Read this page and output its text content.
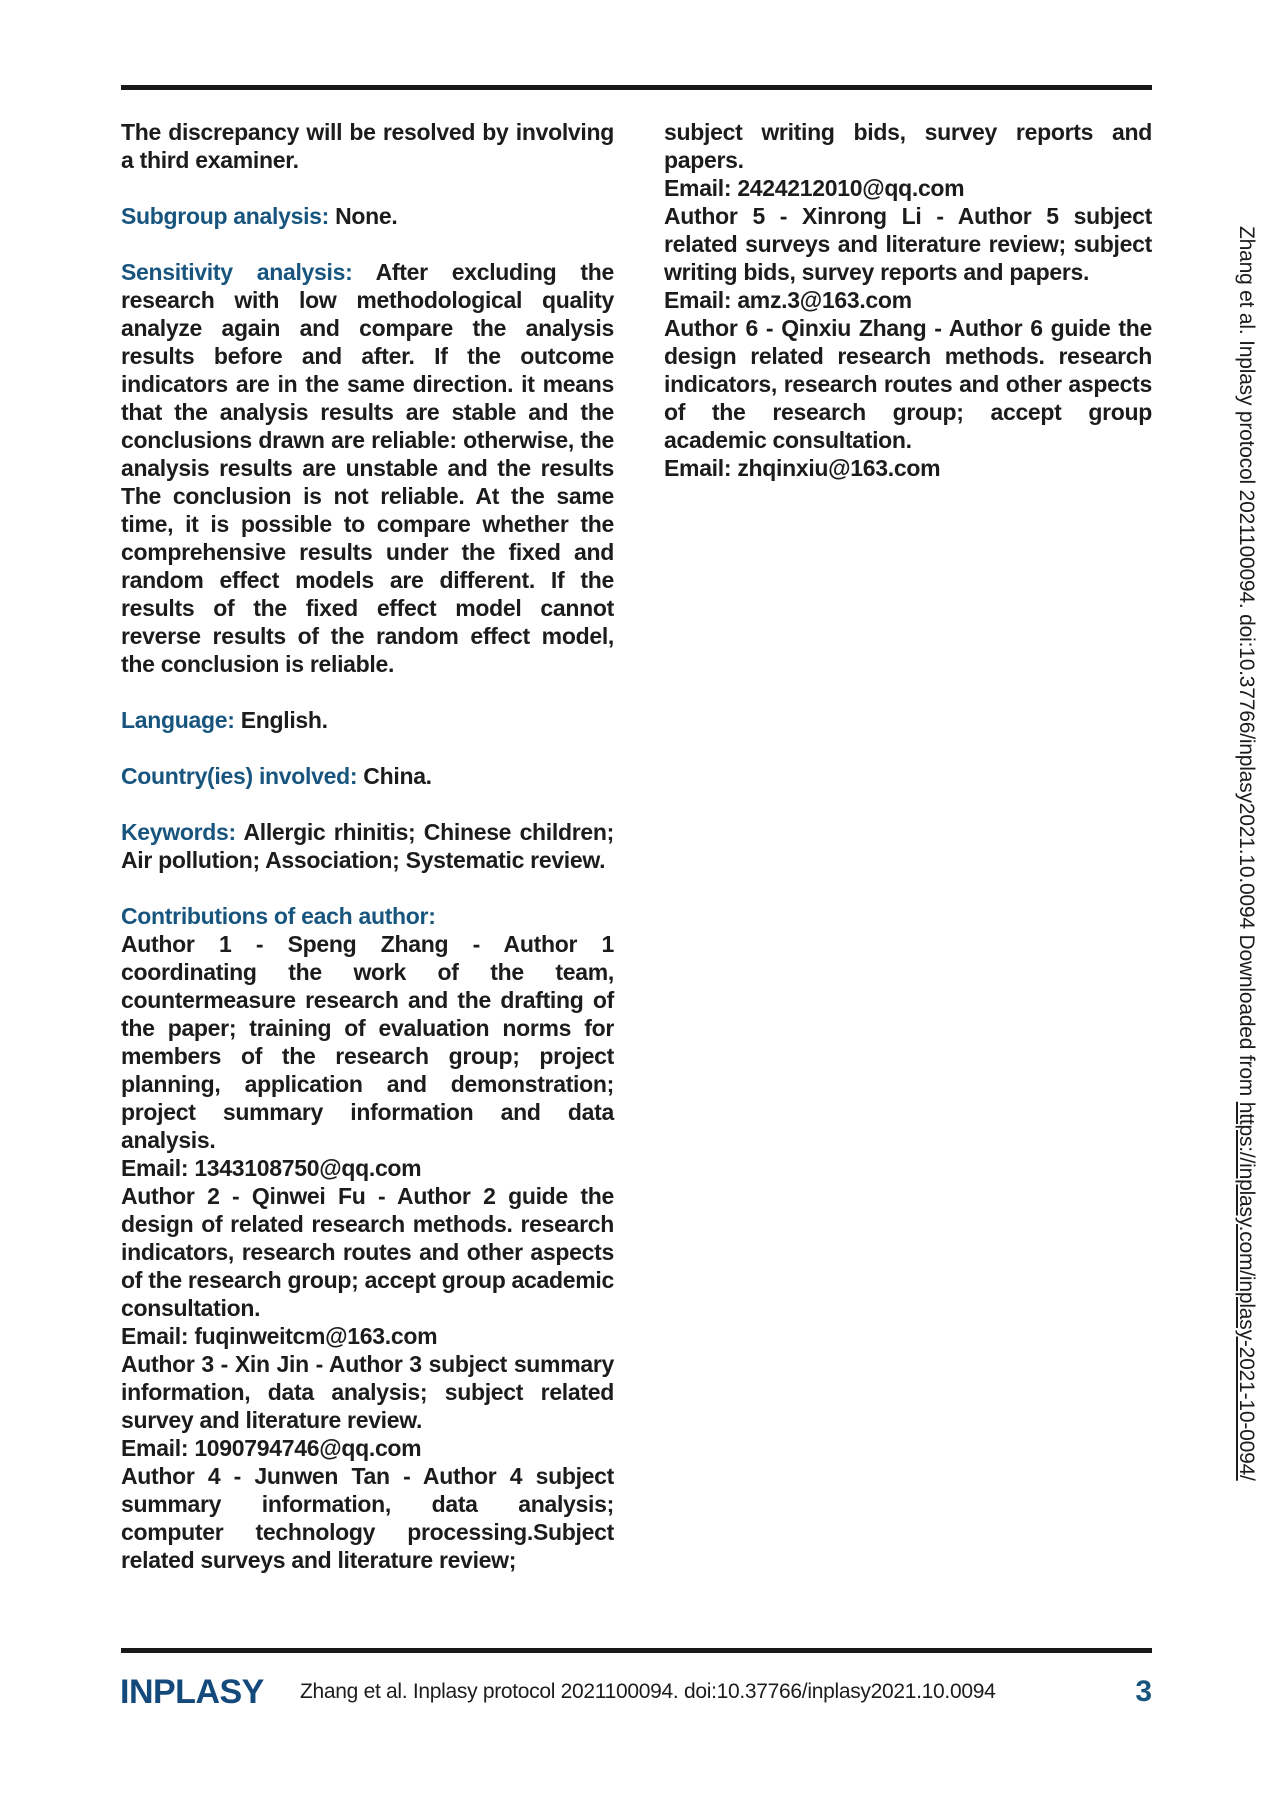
The discrepancy will be resolved by involving a third examiner.

Subgroup analysis: None.

Sensitivity analysis: After excluding the research with low methodological quality analyze again and compare the analysis results before and after. If the outcome indicators are in the same direction. it means that the analysis results are stable and the conclusions drawn are reliable: otherwise, the analysis results are unstable and the results The conclusion is not reliable. At the same time, it is possible to compare whether the comprehensive results under the fixed and random effect models are different. If the results of the fixed effect model cannot reverse results of the random effect model, the conclusion is reliable.

Language: English.

Country(ies) involved: China.

Keywords: Allergic rhinitis; Chinese children; Air pollution; Association; Systematic review.

Contributions of each author:

Author 1 - Speng Zhang - Author 1 coordinating the work of the team, countermeasure research and the drafting of the paper; training of evaluation norms for members of the research group; project planning, application and demonstration; project summary information and data analysis.

Email: 1343108750@qq.com

Author 2 - Qinwei Fu - Author 2 guide the design of related research methods. research indicators, research routes and other aspects of the research group; accept group academic consultation.

Email: fuqinweitcm@163.com

Author 3 - Xin Jin - Author 3 subject summary information, data analysis; subject related survey and literature review.

Email: 1090794746@qq.com

Author 4 - Junwen Tan - Author 4 subject summary information, data analysis; computer technology processing.Subject related surveys and literature review;

subject writing bids, survey reports and papers.

Email: 2424212010@qq.com

Author 5 - Xinrong Li - Author 5 subject related surveys and literature review; subject writing bids, survey reports and papers.

Email: amz.3@163.com

Author 6 - Qinxiu Zhang - Author 6 guide the design related research methods. research indicators, research routes and other aspects of the research group; accept group academic consultation.

Email: zhqinxiu@163.com	Zhang et al. Inplasy protocol 2021100094. doi:10.37766/inplasy2021.10.0094 Downloaded from https://inplasy.com/inplasy-2021-10-0094/
INPLASY Zhang et al. Inplasy protocol 2021100094. doi:10.37766/inplasy2021.10.0094	3
